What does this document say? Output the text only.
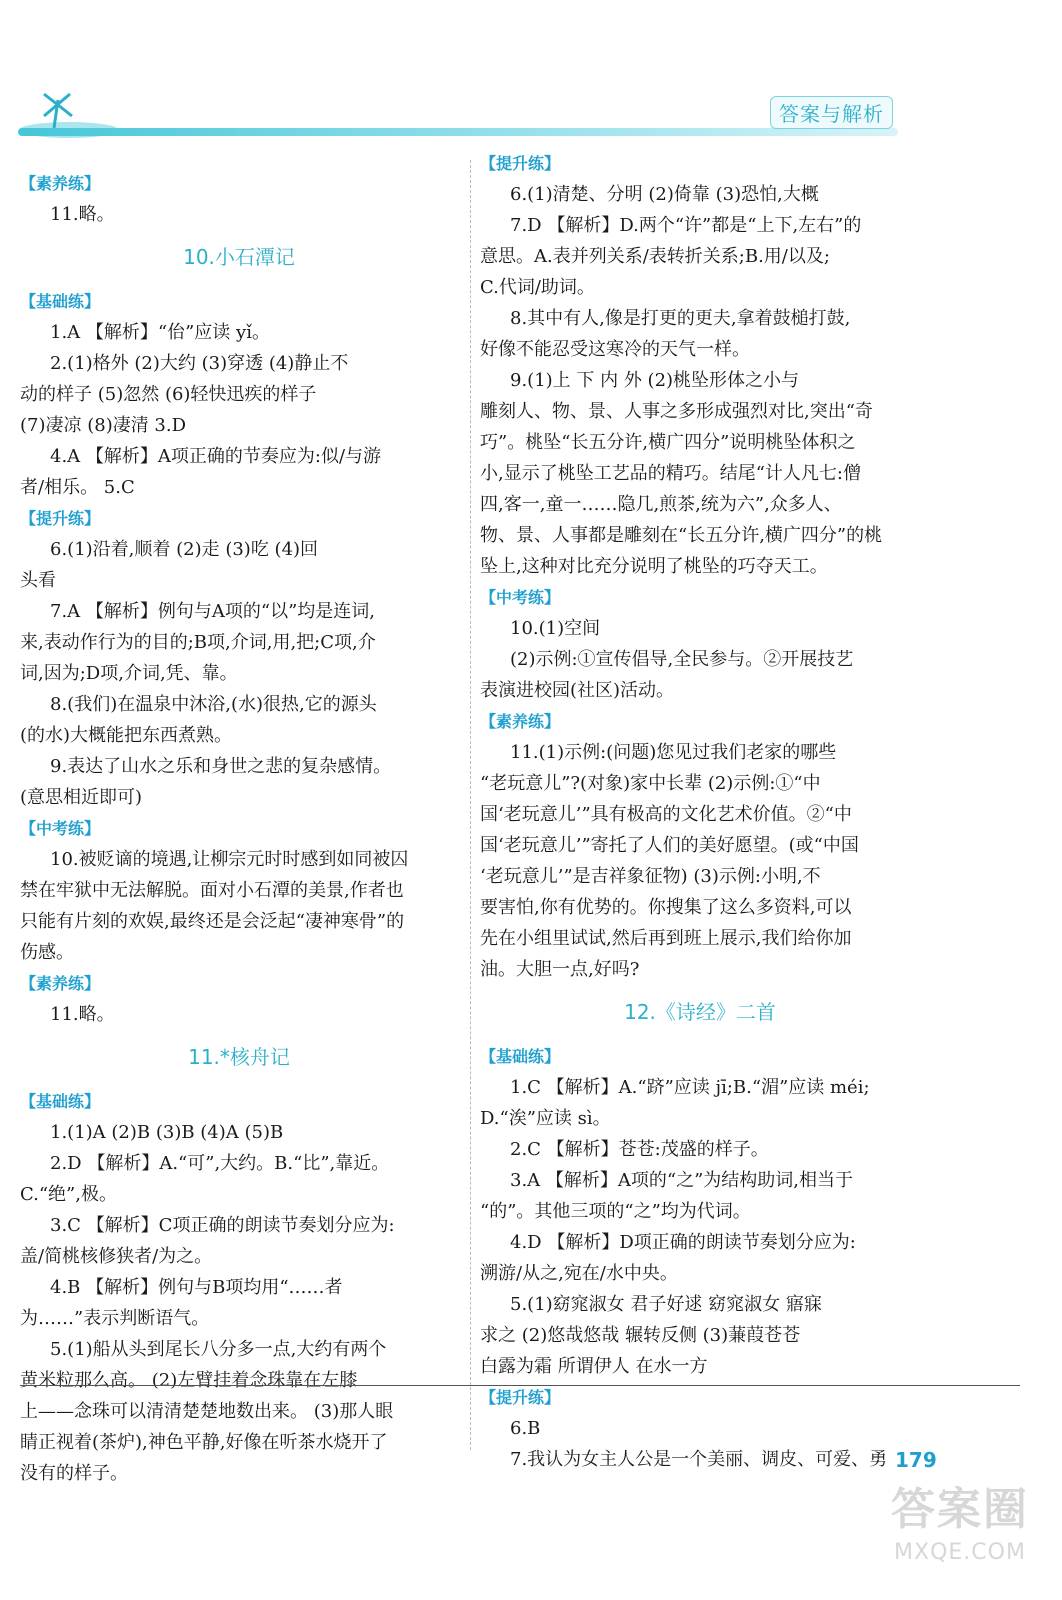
答案与解析
【素养练】
11.略。
10.小石潭记
【基础练】
1.A 【解析】“佁”应读 yǐ。
2.(1)格外 (2)大约 (3)穿透 (4)静止不
动的样子 (5)忽然 (6)轻快迅疾的样子
(7)凄凉 (8)凄清 3.D
4.A 【解析】A项正确的节奏应为:似/与游
者/相乐。 5.C
【提升练】
6.(1)沿着,顺着 (2)走 (3)吃 (4)回
头看
7.A 【解析】例句与A项的“以”均是连词,
来,表动作行为的目的;B项,介词,用,把;C项,介
词,因为;D项,介词,凭、靠。
8.(我们)在温泉中沐浴,(水)很热,它的源头
(的水)大概能把东西煮熟。
9.表达了山水之乐和身世之悲的复杂感情。
(意思相近即可)
【中考练】
10.被贬谪的境遇,让柳宗元时时感到如同被囚
禁在牢狱中无法解脱。面对小石潭的美景,作者也
只能有片刻的欢娱,最终还是会泛起“凄神寒骨”的
伤感。
【素养练】
11.略。
11.*核舟记
【基础练】
1.(1)A (2)B (3)B (4)A (5)B
2.D 【解析】A.“可”,大约。B.“比”,靠近。
C.“绝”,极。
3.C 【解析】C项正确的朗读节奏划分应为:
盖/简桃核修狭者/为之。
4.B 【解析】例句与B项均用“……者
为……”表示判断语气。
5.(1)船从头到尾长八分多一点,大约有两个
黄米粒那么高。 (2)左臂挂着念珠靠在左膝
上——念珠可以清清楚楚地数出来。 (3)那人眼
睛正视着(茶炉),神色平静,好像在听茶水烧开了
没有的样子。
【提升练】
6.(1)清楚、分明 (2)倚靠 (3)恐怕,大概
7.D 【解析】D.两个“许”都是“上下,左右”的
意思。A.表并列关系/表转折关系;B.用/以及;
C.代词/助词。
8.其中有人,像是打更的更夫,拿着鼓槌打鼓,
好像不能忍受这寒冷的天气一样。
9.(1)上 下 内 外 (2)桃坠形体之小与
雕刻人、物、景、人事之多形成强烈对比,突出“奇
巧”。桃坠“长五分许,横广四分”说明桃坠体积之
小,显示了桃坠工艺品的精巧。结尾“计人凡七:僧
四,客一,童一……隐几,煎茶,统为六”,众多人、
物、景、人事都是雕刻在“长五分许,横广四分”的桃
坠上,这种对比充分说明了桃坠的巧夺天工。
【中考练】
10.(1)空间
(2)示例:①宣传倡导,全民参与。②开展技艺
表演进校园(社区)活动。
【素养练】
11.(1)示例:(问题)您见过我们老家的哪些
“老玩意儿”?(对象)家中长辈 (2)示例:①“中
国‘老玩意儿’”具有极高的文化艺术价值。②“中
国‘老玩意儿’”寄托了人们的美好愿望。(或“中国
‘老玩意儿’”是吉祥象征物) (3)示例:小明,不
要害怕,你有优势的。你搜集了这么多资料,可以
先在小组里试试,然后再到班上展示,我们给你加
油。大胆一点,好吗?
12.《诗经》二首
【基础练】
1.C 【解析】A.“跻”应读 jī;B.“湄”应读 méi;
D.“涘”应读 sì。
2.C 【解析】苍苍:茂盛的样子。
3.A 【解析】A项的“之”为结构助词,相当于
“的”。其他三项的“之”均为代词。
4.D 【解析】D项正确的朗读节奏划分应为:
溯游/从之,宛在/水中央。
5.(1)窈窕淑女 君子好逑 窈窕淑女 寤寐
求之 (2)悠哉悠哉 辗转反侧 (3)蒹葭苍苍
白露为霜 所谓伊人 在水一方
【提升练】
6.B
7.我认为女主人公是一个美丽、调皮、可爱、勇 179
答案圈
MXQE.COM
